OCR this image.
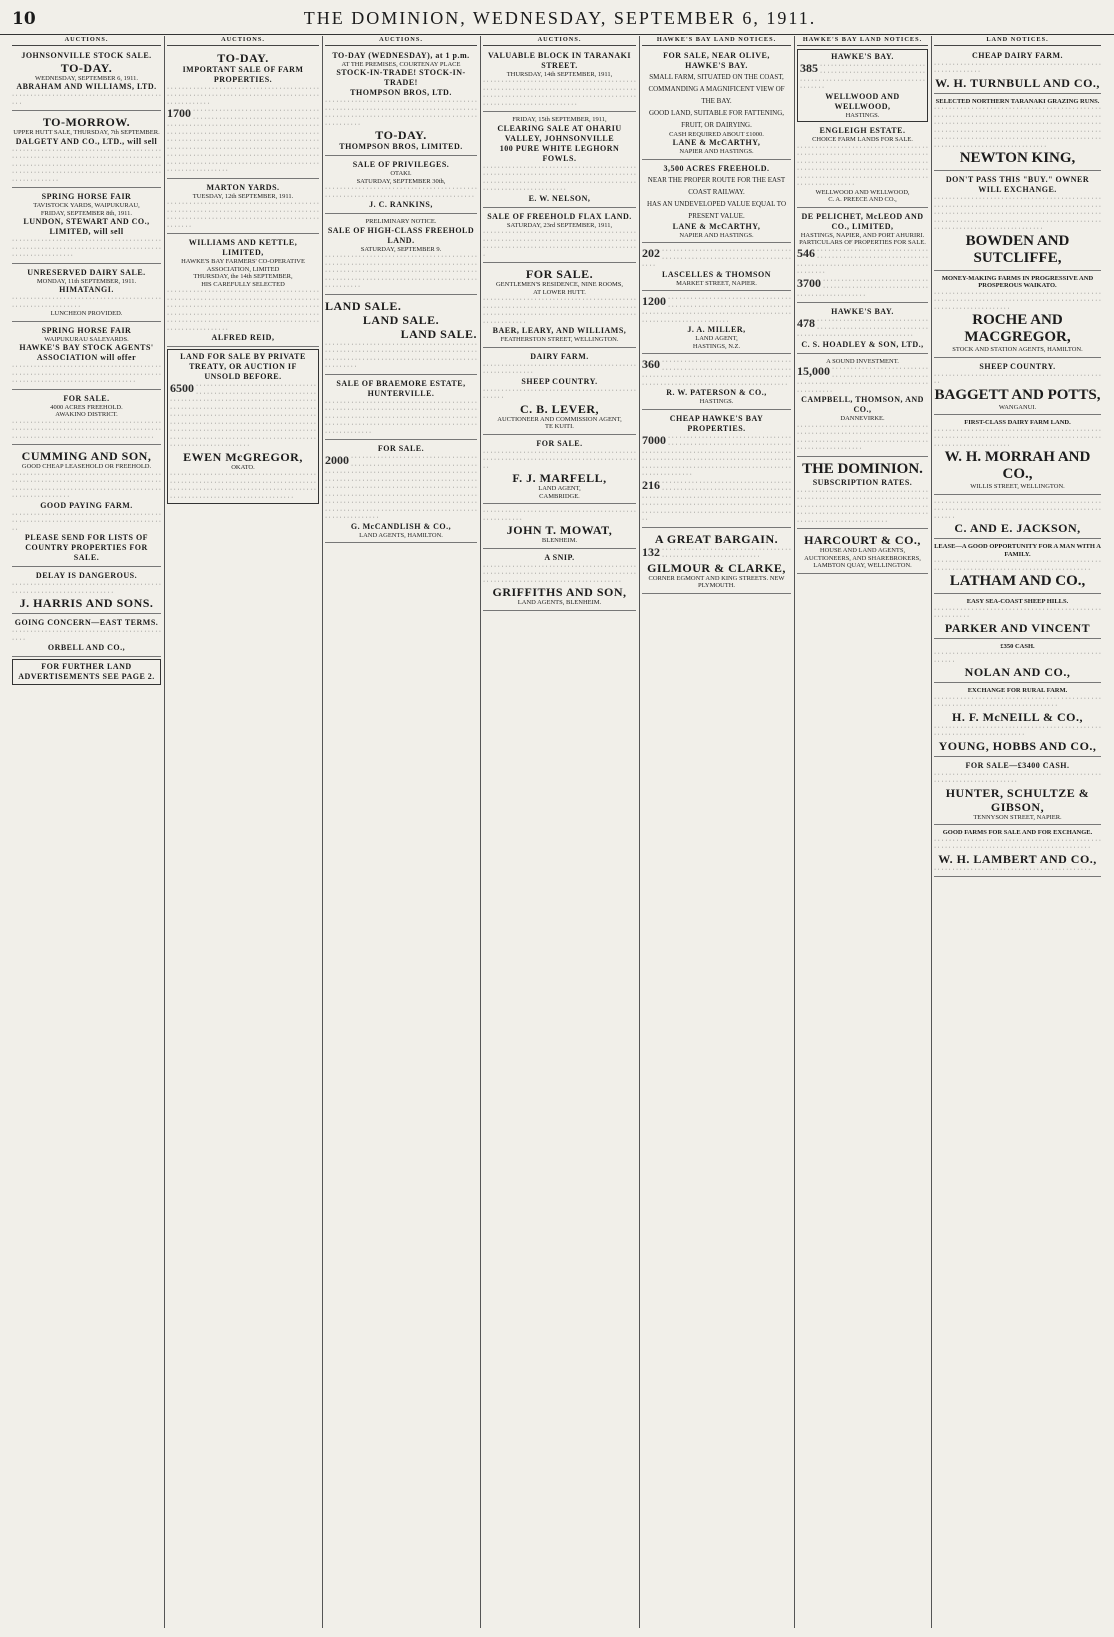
10	THE DOMINION, WEDNESDAY, SEPTEMBER 6, 1911.
AUCTIONS.
JOHNSONVILLE STOCK SALE.
TO-DAY.
WEDNESDAY, SEPTEMBER 6, 1911.
ABRAHAM AND WILLIAMS, LTD.
· · · · · · · · · · · · · · · · · · · · · · · · · · · · · · · · · · · · · · · · · · · ·
TO-MORROW.
UPPER HUTT SALE, THURSDAY, 7th SEPTEMBER.
DALGETY AND CO., LTD., will sell
· · · · · · · · · · · · · · · · · · · · · · · · · · · · · · · · · · · · · · · · · · · · · · · · · · · · · · · · · · · · · · · · · · · · · · · · · · · · · · · · · · · · · · · · · · · · · · · · · · · · · · · · · · · · · · · · · · · · · · · · · · · · · · · · · · · · · · · · · · · · · · · · · · · · · · · · · · · · · · · · · · · · · · · · · · · · · · · · ·
SPRING HORSE FAIR
TAVISTOCK YARDS, WAIPUKURAU,
FRIDAY, SEPTEMBER 8th, 1911.
LUNDON, STEWART AND CO., LIMITED, will sell
· · · · · · · · · · · · · · · · · · · · · · · · · · · · · · · · · · · · · · · · · · · · · · · · · · · · · · · · · · · · · · · · · · · · · · · · · · · · · · · · · · · · · · · · · · · · · · · · · · ·
UNRESERVED DAIRY SALE.
MONDAY, 11th SEPTEMBER, 1911.
HIMATANGI.
· · · · · · · · · · · · · · · · · · · · · · · · · · · · · · · · · · · · · · · · · · · · · · · · · · · · · · · · · · · ·
LUNCHEON PROVIDED.
SPRING HORSE FAIR
WAIPUKURAU SALEYARDS.
HAWKE'S BAY STOCK AGENTS' ASSOCIATION will offer
· · · · · · · · · · · · · · · · · · · · · · · · · · · · · · · · · · · · · · · · · · · · · · · · · · · · · · · · · · · · · · · · · · · · · · · · · · · · · · · · · · · · · · · · · · · · · · · · · · · · · · · · · · · · · · · · · · · ·
FOR SALE.
4000 ACRES FREEHOLD.
AWAKINO DISTRICT.
· · · · · · · · · · · · · · · · · · · · · · · · · · · · · · · · · · · · · · · · · · · · · · · · · · · · · · · · · · · · · · · · · · · · · · · · · · · · · · · · · · · · · · · · · · · · · · · · · · · · · · · · · · · · · · · · · · · · · · · · ·
CUMMING AND SON,
GOOD CHEAP LEASEHOLD OR FREEHOLD.
· · · · · · · · · · · · · · · · · · · · · · · · · · · · · · · · · · · · · · · · · · · · · · · · · · · · · · · · · · · · · · · · · · · · · · · · · · · · · · · · · · · · · · · · · · · · · · · · · · · · · · · · · · · · · · · · · · · · · · · · · · · · · · · · · · · · · · · · · · ·
GOOD PAYING FARM.
· · · · · · · · · · · · · · · · · · · · · · · · · · · · · · · · · · · · · · · · · · · · · · · · · · · · · · · · · · · · · · · · · · · · · · · · · · · · · · · · · · · ·
PLEASE SEND FOR LISTS OF COUNTRY PROPERTIES FOR SALE.
DELAY IS DANGEROUS.
· · · · · · · · · · · · · · · · · · · · · · · · · · · · · · · · · · · · · · · · · · · · · · · · · · · · · · · · · · · · · · · · · · · · ·
J. HARRIS AND SONS.
GOING CONCERN—EAST TERMS.
· · · · · · · · · · · · · · · · · · · · · · · · · · · · · · · · · · · · · · · · · · · · ·
ORBELL AND CO.,
FOR FURTHER LAND ADVERTISEMENTS SEE PAGE 2.
AUCTIONS.
TO-DAY.
IMPORTANT SALE OF FARM PROPERTIES.
· · · · · · · · · · · · · · · · · · · · · · · · · · · · · · · · · · · · · · · · · · · · · · · · · · · · · · · · · · · · · · · · · · · · · · · · · · · · · · · · · · · · · · · · · · · · · ·
1700 · · · · · · · · · · · · · · · · · · · · · · · · · · · · · · · · · · · · · · · · · · · · · · · · · · · · · · · · · · · · · · · · · · · · · · · · · · · · · · · · · · · · · · · · · · · · · · · · · · · · · · · · · · · · · · · · · · · · · · · · · · · · · · · · · · · · · · · · · · · · · · · · · · · · · · · · · · · · · · · · · · · · · · · · · · · · · · · · · · · · · · · · · · · · · · · · · · · · · · · · · · · · · · · · · · · · · · · · · · · · · · · · · · · · · · · · · · · · · · · · · · · · · · · · · · · · · · · · · · · · · · · · · · · · · · · · · · · · · · · · · · · · · · · · · · · · · · · · · · · · · · · · · · · · · · · · · · · · · · · · · · · · · · · · · · ·
MARTON YARDS.
TUESDAY, 12th SEPTEMBER, 1911.
· · · · · · · · · · · · · · · · · · · · · · · · · · · · · · · · · · · · · · · · · · · · · · · · · · · · · · · · · · · · · · · · · · · · · · · · · · · · · · · · · · · · · · · · · · · · · · · · · · · · · · · · · · · · · · · · · · · · · · · · · · · · · · · · · ·
WILLIAMS AND KETTLE, LIMITED,
HAWKE'S BAY FARMERS' CO-OPERATIVE ASSOCIATION, LIMITED
THURSDAY, the 14th SEPTEMBER,
HIS CAREFULLY SELECTED
· · · · · · · · · · · · · · · · · · · · · · · · · · · · · · · · · · · · · · · · · · · · · · · · · · · · · · · · · · · · · · · · · · · · · · · · · · · · · · · · · · · · · · · · · · · · · · · · · · · · · · · · · · · · · · · · · · · · · · · · · · · · · · · · · · · · · · · · · · · · · · · · · · · · · · · · · · · · · · · · · · · · · · · · · · · · · · · · · · · · · · · · · · · · · · · · · · · · · · · · · · · · · · · · · · · · · · · · · · · · · ·
ALFRED REID,
LAND FOR SALE BY PRIVATE TREATY, OR AUCTION IF UNSOLD BEFORE.
6500 · · · · · · · · · · · · · · · · · · · · · · · · · · · · · · · · · · · · · · · · · · · · · · · · · · · · · · · · · · · · · · · · · · · · · · · · · · · · · · · · · · · · · · · · · · · · · · · · · · · · · · · · · · · · · · · · · · · · · · · · · · · · · · · · · · · · · · · · · · · · · · · · · · · · · · · · · · · · · · · · · · · · · · · · · · · · · · · · · · · · · · · · · · · · · · · · · · · · · · · · · · · · · · · · · · · · · · · · · · · · · · · · · · · · · · · · · · · · · · · · · · · · · · · · · · · · · · · · · · · · · · · · · · · · · · · · · · · · · · · · · · · · · · · · · · · · · · · · · · · · · · · · · · · · · · · · · · · · · · · · · · · · · · · ·
EWEN McGREGOR,
OKATO.
· · · · · · · · · · · · · · · · · · · · · · · · · · · · · · · · · · · · · · · · · · · · · · · · · · · · · · · · · · · · · · · · · · · · · · · · · · · · · · · · · · · · · · · · · · · · · · · · · · · · · · · · · · · · · · · · · · · · · · · · · · · · · · · · · · · · · · · · · · · · · · · · · · · · · · · · · ·
AUCTIONS.
TO-DAY (WEDNESDAY), at 1 p.m.
AT THE PREMISES, COURTENAY PLACE
STOCK-IN-TRADE! STOCK-IN-TRADE!
THOMPSON BROS, LTD.
· · · · · · · · · · · · · · · · · · · · · · · · · · · · · · · · · · · · · · · · · · · · · · · · · · · · · · · · · · · · · · · · · · · · · · · · · · · · · · · · · · · · · · · · · · · · · · · · · · · · · · · · · · · · · · · · · · · · · · · · · · · · · · · · · · · · ·
TO-DAY.
THOMPSON BROS, LIMITED.
SALE OF PRIVILEGES.
OTAKI.
SATURDAY, SEPTEMBER 30th,
· · · · · · · · · · · · · · · · · · · · · · · · · · · · · · · · · · · · · · · · · · · · · · · · · · · · · · · · · · · · · · · · · · · · · · · · · · · · · · · · · ·
J. C. RANKINS,
PRELIMINARY NOTICE.
SALE OF HIGH-CLASS FREEHOLD LAND.
SATURDAY, SEPTEMBER 9.
· · · · · · · · · · · · · · · · · · · · · · · · · · · · · · · · · · · · · · · · · · · · · · · · · · · · · · · · · · · · · · · · · · · · · · · · · · · · · · · · · · · · · · · · · · · · · · · · · · · · · · · · · · · · · · · · · · · · · · · · · · · · · · · · · · · · · · · · · · · · · · · · · · · · · · · · · · · · · · · · · · · · · · · · · · · · · ·
LAND SALE.
LAND SALE.
LAND SALE.
· · · · · · · · · · · · · · · · · · · · · · · · · · · · · · · · · · · · · · · · · · · · · · · · · · · · · · · · · · · · · · · · · · · · · · · · · · · · · · · · · · · · · · · · · · · · · · · · · · · · · · · · · · · · · · · · · · · · · · · · · · · · · · · · · · · ·
SALE OF BRAEMORE ESTATE, HUNTERVILLE.
· · · · · · · · · · · · · · · · · · · · · · · · · · · · · · · · · · · · · · · · · · · · · · · · · · · · · · · · · · · · · · · · · · · · · · · · · · · · · · · · · · · · · · · · · · · · · · · · · · · · · · · · · · · · · · · · · · · · · · · · · · · · · · · · · · · · · · · · · · · · · · · · · · · · · · · · · · · · · · · · · · · · · · · · · · · · · · · · ·
FOR SALE.
2000 · · · · · · · · · · · · · · · · · · · · · · · · · · · · · · · · · · · · · · · · · · · · · · · · · · · · · · · · · · · · · · · · · · · · · · · · · · · · · · · · · · · · · · · · · · · · · · · · · · · · · · · · · · · · · · · · · · · · · · · · · · · · · · · · · · · · · · · · · · · · · · · · · · · · · · · · · · · · · · · · · · · · · · · · · · · · · · · · · · · · · · · · · · · · · · · · · · · · · · · · · · · · · · · · · · · · · · · · · · · · · · · · · · · · · · · · · · · · · · · · · · · · · · · · · · · · · · · · · · · · · · · · · · · · · · · · · · · · · · · · · · · · · · · · · · · · · · · · · · · · · · · · · · · · · · · · · · · · · · · · · · · · · · · · ·
G. McCANDLISH & CO.,
LAND AGENTS, HAMILTON.
AUCTIONS.
VALUABLE BLOCK IN TARANAKI STREET.
THURSDAY, 14th SEPTEMBER, 1911,
· · · · · · · · · · · · · · · · · · · · · · · · · · · · · · · · · · · · · · · · · · · · · · · · · · · · · · · · · · · · · · · · · · · · · · · · · · · · · · · · · · · · · · · · · · · · · · · · · · · · · · · · · · · · · · · · · · · · · · · · · · · · · · · · · · · · · · · · · · · · · · · · · · · · · · · ·
FRIDAY, 15th SEPTEMBER, 1911,
CLEARING SALE AT OHARIU VALLEY, JOHNSONVILLE
100 PURE WHITE LEGHORN FOWLS.
· · · · · · · · · · · · · · · · · · · · · · · · · · · · · · · · · · · · · · · · · · · · · · · · · · · · · · · · · · · · · · · · · · · · · · · · · · · · · · · · · · · · · · · · · · · · · · · · · · · · · · · · · · · · · · · · · · · · · · · · · · · · · · · · · · · · · · · · · · · · · · · · · · · · ·
E. W. NELSON,
SALE OF FREEHOLD FLAX LAND.
SATURDAY, 23rd SEPTEMBER, 1911,
· · · · · · · · · · · · · · · · · · · · · · · · · · · · · · · · · · · · · · · · · · · · · · · · · · · · · · · · · · · · · · · · · · · · · · · · · · · · · · · · · · · · · · · · · · · · · · · · · · · · · · · · · · · · · · · · · · · · · · · · · · · · · · ·
FOR SALE.
GENTLEMEN'S RESIDENCE, NINE ROOMS,
AT LOWER HUTT.
· · · · · · · · · · · · · · · · · · · · · · · · · · · · · · · · · · · · · · · · · · · · · · · · · · · · · · · · · · · · · · · · · · · · · · · · · · · · · · · · · · · · · · · · · · · · · · · · · · · · · · · · · · · · · · · · · · · · · · · · · · · · · · · · · · · · · · · · · ·
BAER, LEARY, AND WILLIAMS,
FEATHERSTON STREET, WELLINGTON.
DAIRY FARM.
· · · · · · · · · · · · · · · · · · · · · · · · · · · · · · · · · · · · · · · · · · · · · · · · · · · · · · · ·
SHEEP COUNTRY.
· · · · · · · · · · · · · · · · · · · · · · · · · · · · · · · · · · · · · · · · · · · · · · · ·
C. B. LEVER,
AUCTIONEER AND COMMISSION AGENT,
TE KUITI.
FOR SALE.
· · · · · · · · · · · · · · · · · · · · · · · · · · · · · · · · · · · · · · · · · · · · · · · · · · · · · · · · · · · · · · · · · · · · · · · · · · · · · · · · · · · · · ·
F. J. MARFELL,
LAND AGENT,
CAMBRIDGE.
· · · · · · · · · · · · · · · · · · · · · · · · · · · · · · · · · · · · · · · · · · · · · · · · · · · · ·
JOHN T. MOWAT,
BLENHEIM.
A SNIP.
· · · · · · · · · · · · · · · · · · · · · · · · · · · · · · · · · · · · · · · · · · · · · · · · · · · · · · · · · · · · · · · · · · · · · · · · · · · · · · · · · · · · · · · · · · · · · · · · · · · · · · · · · · · · · · · · · · · · · · · · · ·
GRIFFITHS AND SON,
LAND AGENTS, BLENHEIM.
HAWKE'S BAY LAND NOTICES.
FOR SALE, NEAR OLIVE, HAWKE'S BAY.
SMALL FARM, SITUATED ON THE COAST, COMMANDING A MAGNIFICENT VIEW OF THE BAY.
GOOD LAND, SUITABLE FOR FATTENING, FRUIT, OR DAIRYING.
CASH REQUIRED ABOUT £1000.
LANE & McCARTHY,
NAPIER AND HASTINGS.
3,500 ACRES FREEHOLD.
NEAR THE PROPER ROUTE FOR THE EAST COAST RAILWAY.
HAS AN UNDEVELOPED VALUE EQUAL TO PRESENT VALUE.
LANE & McCARTHY,
NAPIER AND HASTINGS.
202 · · · · · · · · · · · · · · · · · · · · · · · · · · · · · · · · · · · · · · · · · · · · · · · · · · · · · · · · · · · · · · · · · · · · · · · · · ·
LASCELLES & THOMSON
MARKET STREET, NAPIER.
1200 · · · · · · · · · · · · · · · · · · · · · · · · · · · · · · · · · · · · · · · · · · · · · · · · · · · · · · · · · · · · · · · · · · · · · · · · · · · · · · · · · · · · · · · · · · · · · · · · · · · · · · · · · · · · · · · · · · · · · · · · · · · · · · · · · · ·
J. A. MILLER,
LAND AGENT,
HASTINGS, N.Z.
360 · · · · · · · · · · · · · · · · · · · · · · · · · · · · · · · · · · · · · · · · · · · · · · · · · · · · · · · · · · · · · · · · · · · · · · · · · · · · · · · · · · · · · · · · · · · · · · · · · · · · · · · · · · · · · · · · · · · · · · · · · · · · · · · · · · · · · · · · · · · · · · · · · · · · · · ·
R. W. PATERSON & CO.,
HASTINGS.
CHEAP HAWKE'S BAY PROPERTIES.
7000 · · · · · · · · · · · · · · · · · · · · · · · · · · · · · · · · · · · · · · · · · · · · · · · · · · · · · · · · · · · · · · · · · · · · · · · · · · · · · · · · · · · · · · · · · · · · · · · · · · · · · · · · · · · · · · · · · · · · · · · · · · · · · · · · · · · · · · · · · · · · · · · · · · · · · · · · · · · · · · · · · · · · · · · · · · · · · · · · · · · · · · · · · · · · · · · · · · · · · · · · · · ·
216 · · · · · · · · · · · · · · · · · · · · · · · · · · · · · · · · · · · · · · · · · · · · · · · · · · · · · · · · · · · · · · · · · · · · · · · · · · · · · · · · · · · · · · · · · · · · · · · · · · · · · · · · · · · · · · · · · · · · · · · · · · · · · · · · · · · · · · · · · · · · · · · · · · · · · · · · · · · · · · · · · · · · · · · · · · · · · · · · · · · · · · · · · · · · · · · · · · ·
A GREAT BARGAIN.
132 · · · · · · · · · · · · · · · · · · · · · · · · · · · · · · · · · · · · · · · · · · · · · · · · · · · · · · · · · · · · · ·
GILMOUR & CLARKE,
CORNER EGMONT AND KING STREETS. NEW PLYMOUTH.
HAWKE'S BAY LAND NOTICES.
HAWKE'S BAY.
385 · · · · · · · · · · · · · · · · · · · · · · · · · · · · · · · · · · · · · · · · · · · · · · · · · · · · · · · · · · · · · · · · · · · · · · · · · · · · · · · · · · · · · · · · · · · · · · · · · · ·
WELLWOOD AND WELLWOOD,
HASTINGS.
ENGLEIGH ESTATE.
CHOICE FARM LANDS FOR SALE.
· · · · · · · · · · · · · · · · · · · · · · · · · · · · · · · · · · · · · · · · · · · · · · · · · · · · · · · · · · · · · · · · · · · · · · · · · · · · · · · · · · · · · · · · · · · · · · · · · · · · · · · · · · · · · · · · · · · · · · · · · · · · · · · · · · · · · · · · · · · · · · · · · · · · · · · · · · · · · · · · · · · · · · · · · · · · · · · · · · · · · · · · · · · · · · · · · · · ·
WELLWOOD AND WELLWOOD,
C. A. PREECE AND CO.,
DE PELICHET, McLEOD AND CO., LIMITED,
HASTINGS, NAPIER, AND PORT AHURIRI.
PARTICULARS OF PROPERTIES FOR SALE.
546 · · · · · · · · · · · · · · · · · · · · · · · · · · · · · · · · · · · · · · · · · · · · · · · · · · · · · · · · · · · · · · · · · · · · · · · · · · · · · · · · · · · · · · · · · · · · · · · · · · · · · · · ·
3700 · · · · · · · · · · · · · · · · · · · · · · · · · · · · · · · · · · · · · · · · · · · · · · · · · · · · · · · · · · · · · · · · · · · · · · · · · · · · ·
HAWKE'S BAY.
478 · · · · · · · · · · · · · · · · · · · · · · · · · · · · · · · · · · · · · · · · · · · · · · · · · · · · · · · · · · · · · · · · · · · · · · · · · · · · · · · · · · · · · · · · · · · ·
C. S. HOADLEY & SON, LTD.,
A SOUND INVESTMENT.
15,000 · · · · · · · · · · · · · · · · · · · · · · · · · · · · · · · · · · · · · · · · · · · · · · · · · · · · · · · · · · · · · · · · · · · · · · · · · · · · · · · · · · · · · · · · · · · · · · · · · ·
CAMPBELL, THOMSON, AND CO.,
DANNEVIRKE.
· · · · · · · · · · · · · · · · · · · · · · · · · · · · · · · · · · · · · · · · · · · · · · · · · · · · · · · · · · · · · · · · · · · · · · · · · · · · · · · · · · · · · · · · · · · · · · · · · · · · · · · · · · · · · · · · · · · · · · · · · · · · · ·
THE DOMINION.
SUBSCRIPTION RATES.
· · · · · · · · · · · · · · · · · · · · · · · · · · · · · · · · · · · · · · · · · · · · · · · · · · · · · · · · · · · · · · · · · · · · · · · · · · · · · · · · · · · · · · · · · · · · · · · · · · · · · · · · · · · · · · · · · · · · · · · · · · · · · · · · · · · · · · · · · · · · · · · · · · · · · · · · · · · · · · · · · · · · · · · · ·
HARCOURT & CO.,
HOUSE AND LAND AGENTS, AUCTIONEERS, AND SHAREBROKERS,
LAMBTON QUAY, WELLINGTON.
LAND NOTICES.
CHEAP DAIRY FARM.
· · · · · · · · · · · · · · · · · · · · · · · · · · · · · · · · · · · · · · · · · · · · · · · · · · · · · · · · · ·
W. H. TURNBULL AND CO.,
SELECTED NORTHERN TARANAKI GRAZING RUNS.
· · · · · · · · · · · · · · · · · · · · · · · · · · · · · · · · · · · · · · · · · · · · · · · · · · · · · · · · · · · · · · · · · · · · · · · · · · · · · · · · · · · · · · · · · · · · · · · · · · · · · · · · · · · · · · · · · · · · · · · · · · · · · · · · · · · · · · · · · · · · · · · · · · · · · · · · · · · · · · · · · · · · · · · · · · · · · · · · · · · · · · · · · · · · · · · · · · · · · · · · · · · · · · · · · · · · · · · · · · · · · · · · · · · · · · · · · · · · · · · · · · · · · · · · · · · · · · · ·
NEWTON KING,
DON'T PASS THIS "BUY." OWNER WILL EXCHANGE.
· · · · · · · · · · · · · · · · · · · · · · · · · · · · · · · · · · · · · · · · · · · · · · · · · · · · · · · · · · · · · · · · · · · · · · · · · · · · · · · · · · · · · · · · · · · · · · · · · · · · · · · · · · · · · · · · · · · · · · · · · · · · · · · · · · · · · · · · · · · · · · · · · · · · · · · · · · · · · · · · · · · · · · · · · · · · · · · · · · · · · · · · · · · · · · · · · · · · · · · · · · · · · · · · · ·
BOWDEN AND SUTCLIFFE,
MONEY-MAKING FARMS IN PROGRESSIVE AND PROSPEROUS WAIKATO.
· · · · · · · · · · · · · · · · · · · · · · · · · · · · · · · · · · · · · · · · · · · · · · · · · · · · · · · · · · · · · · · · · · · · · · · · · · · · · · · · · · · · · · · · · · · · · · · · · · · · · · · · · · · · · · ·
ROCHE AND MACGREGOR,
STOCK AND STATION AGENTS, HAMILTON.
SHEEP COUNTRY.
· · · · · · · · · · · · · · · · · · · · · · · · · · · · · · · · · · · · · · · · · · · · · · ·
BAGGETT AND POTTS,
WANGANUI.
FIRST-CLASS DAIRY FARM LAND.
· · · · · · · · · · · · · · · · · · · · · · · · · · · · · · · · · · · · · · · · · · · · · · · · · · · · · · · · · · · · · · · · · · · · · · · · · · · · · · · · · · · · · · · · · · · · · · · · · · · · · · · · · · · · · · ·
W. H. MORRAH AND CO.,
WILLIS STREET, WELLINGTON.
· · · · · · · · · · · · · · · · · · · · · · · · · · · · · · · · · · · · · · · · · · · · · · · · · · · · · · · · · · · · · · · · · · · · · · · · · · · · · · · · · · · · · · · · · · · · · · · ·
C. AND E. JACKSON,
LEASE—A GOOD OPPORTUNITY FOR A MAN WITH A FAMILY.
· · · · · · · · · · · · · · · · · · · · · · · · · · · · · · · · · · · · · · · · · · · · · · · · · · · · · · · · · · · · · · · · · · · · · · · · · · · · · · · · · · · · · · · ·
LATHAM AND CO.,
EASY SEA-COAST SHEEP HILLS.
· · · · · · · · · · · · · · · · · · · · · · · · · · · · · · · · · · · · · · · · · · · · · · · · · · · · · · ·
PARKER AND VINCENT
£350 CASH.
· · · · · · · · · · · · · · · · · · · · · · · · · · · · · · · · · · · · · · · · · · · · · · · · · · ·
NOLAN AND CO.,
EXCHANGE FOR RURAL FARM.
· · · · · · · · · · · · · · · · · · · · · · · · · · · · · · · · · · · · · · · · · · · · · · · · · · · · · · · · · · · · · · · · · · · · · · · · · · · · · · ·
H. F. McNEILL & CO.,
· · · · · · · · · · · · · · · · · · · · · · · · · · · · · · · · · · · · · · · · · · · · · · · · · · · · · · · · · · · · · · · · · · · · · ·
YOUNG, HOBBS AND CO.,
FOR SALE—£3400 CASH.
· · · · · · · · · · · · · · · · · · · · · · · · · · · · · · · · · · · · · · · · · · · · · · · · · · · · · · · · · · · · · · · · · · · ·
HUNTER, SCHULTZE & GIBSON,
TENNYSON STREET, NAPIER.
GOOD FARMS FOR SALE AND FOR EXCHANGE.
· · · · · · · · · · · · · · · · · · · · · · · · · · · · · · · · · · · · · · · · · · · · · · · · · · · · · · · · · · · · · · · · · · · · · · · · · · · · · · · · · · · · · · · ·
W. H. LAMBERT AND CO.,
· · · · · · · · · · · · · · · · · · · · · · · · · · · · · · · · · · · · · · · · · · ·
